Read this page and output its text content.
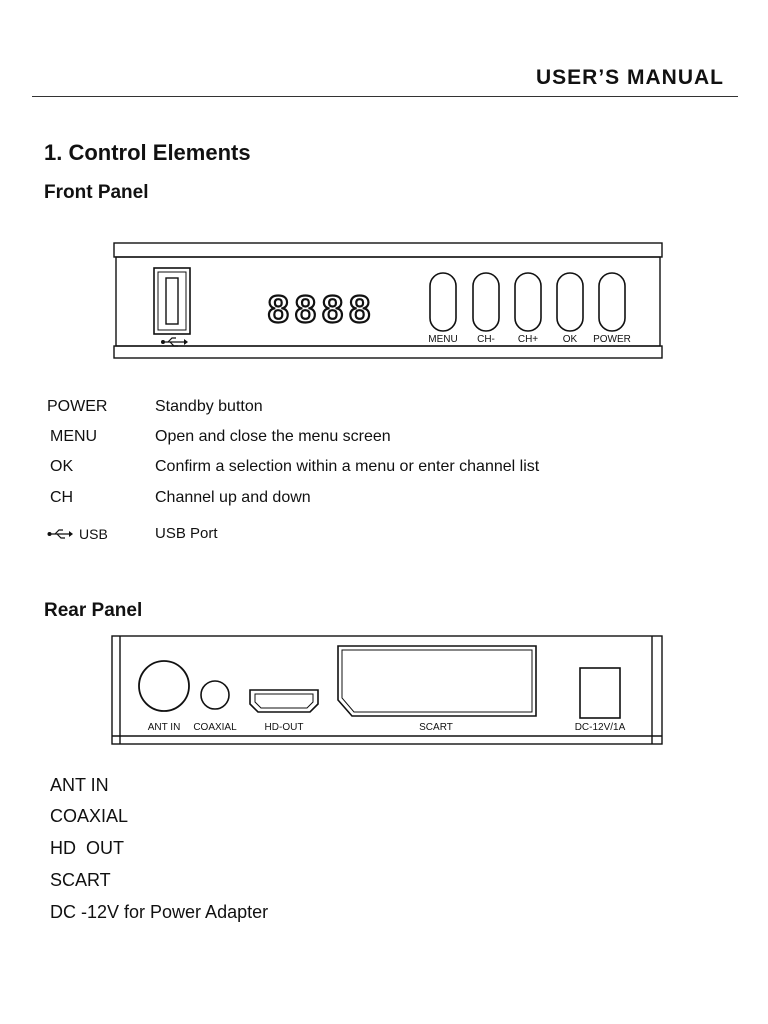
USER’S MANUAL
1. Control Elements
Front Panel
8888
MENU CH- CH+ OK POWER
POWER	Standby button
MENU	Open and close the menu screen
OK	Confirm a selection within a menu or enter channel list
CH	Channel up and down
USB	USB Port
Rear Panel
ANT IN COAXIAL	HD-OUT	SCART	DC-12V/1A
ANT IN
COAXIAL
HD  OUT
SCART
DC -12V for Power Adapter
